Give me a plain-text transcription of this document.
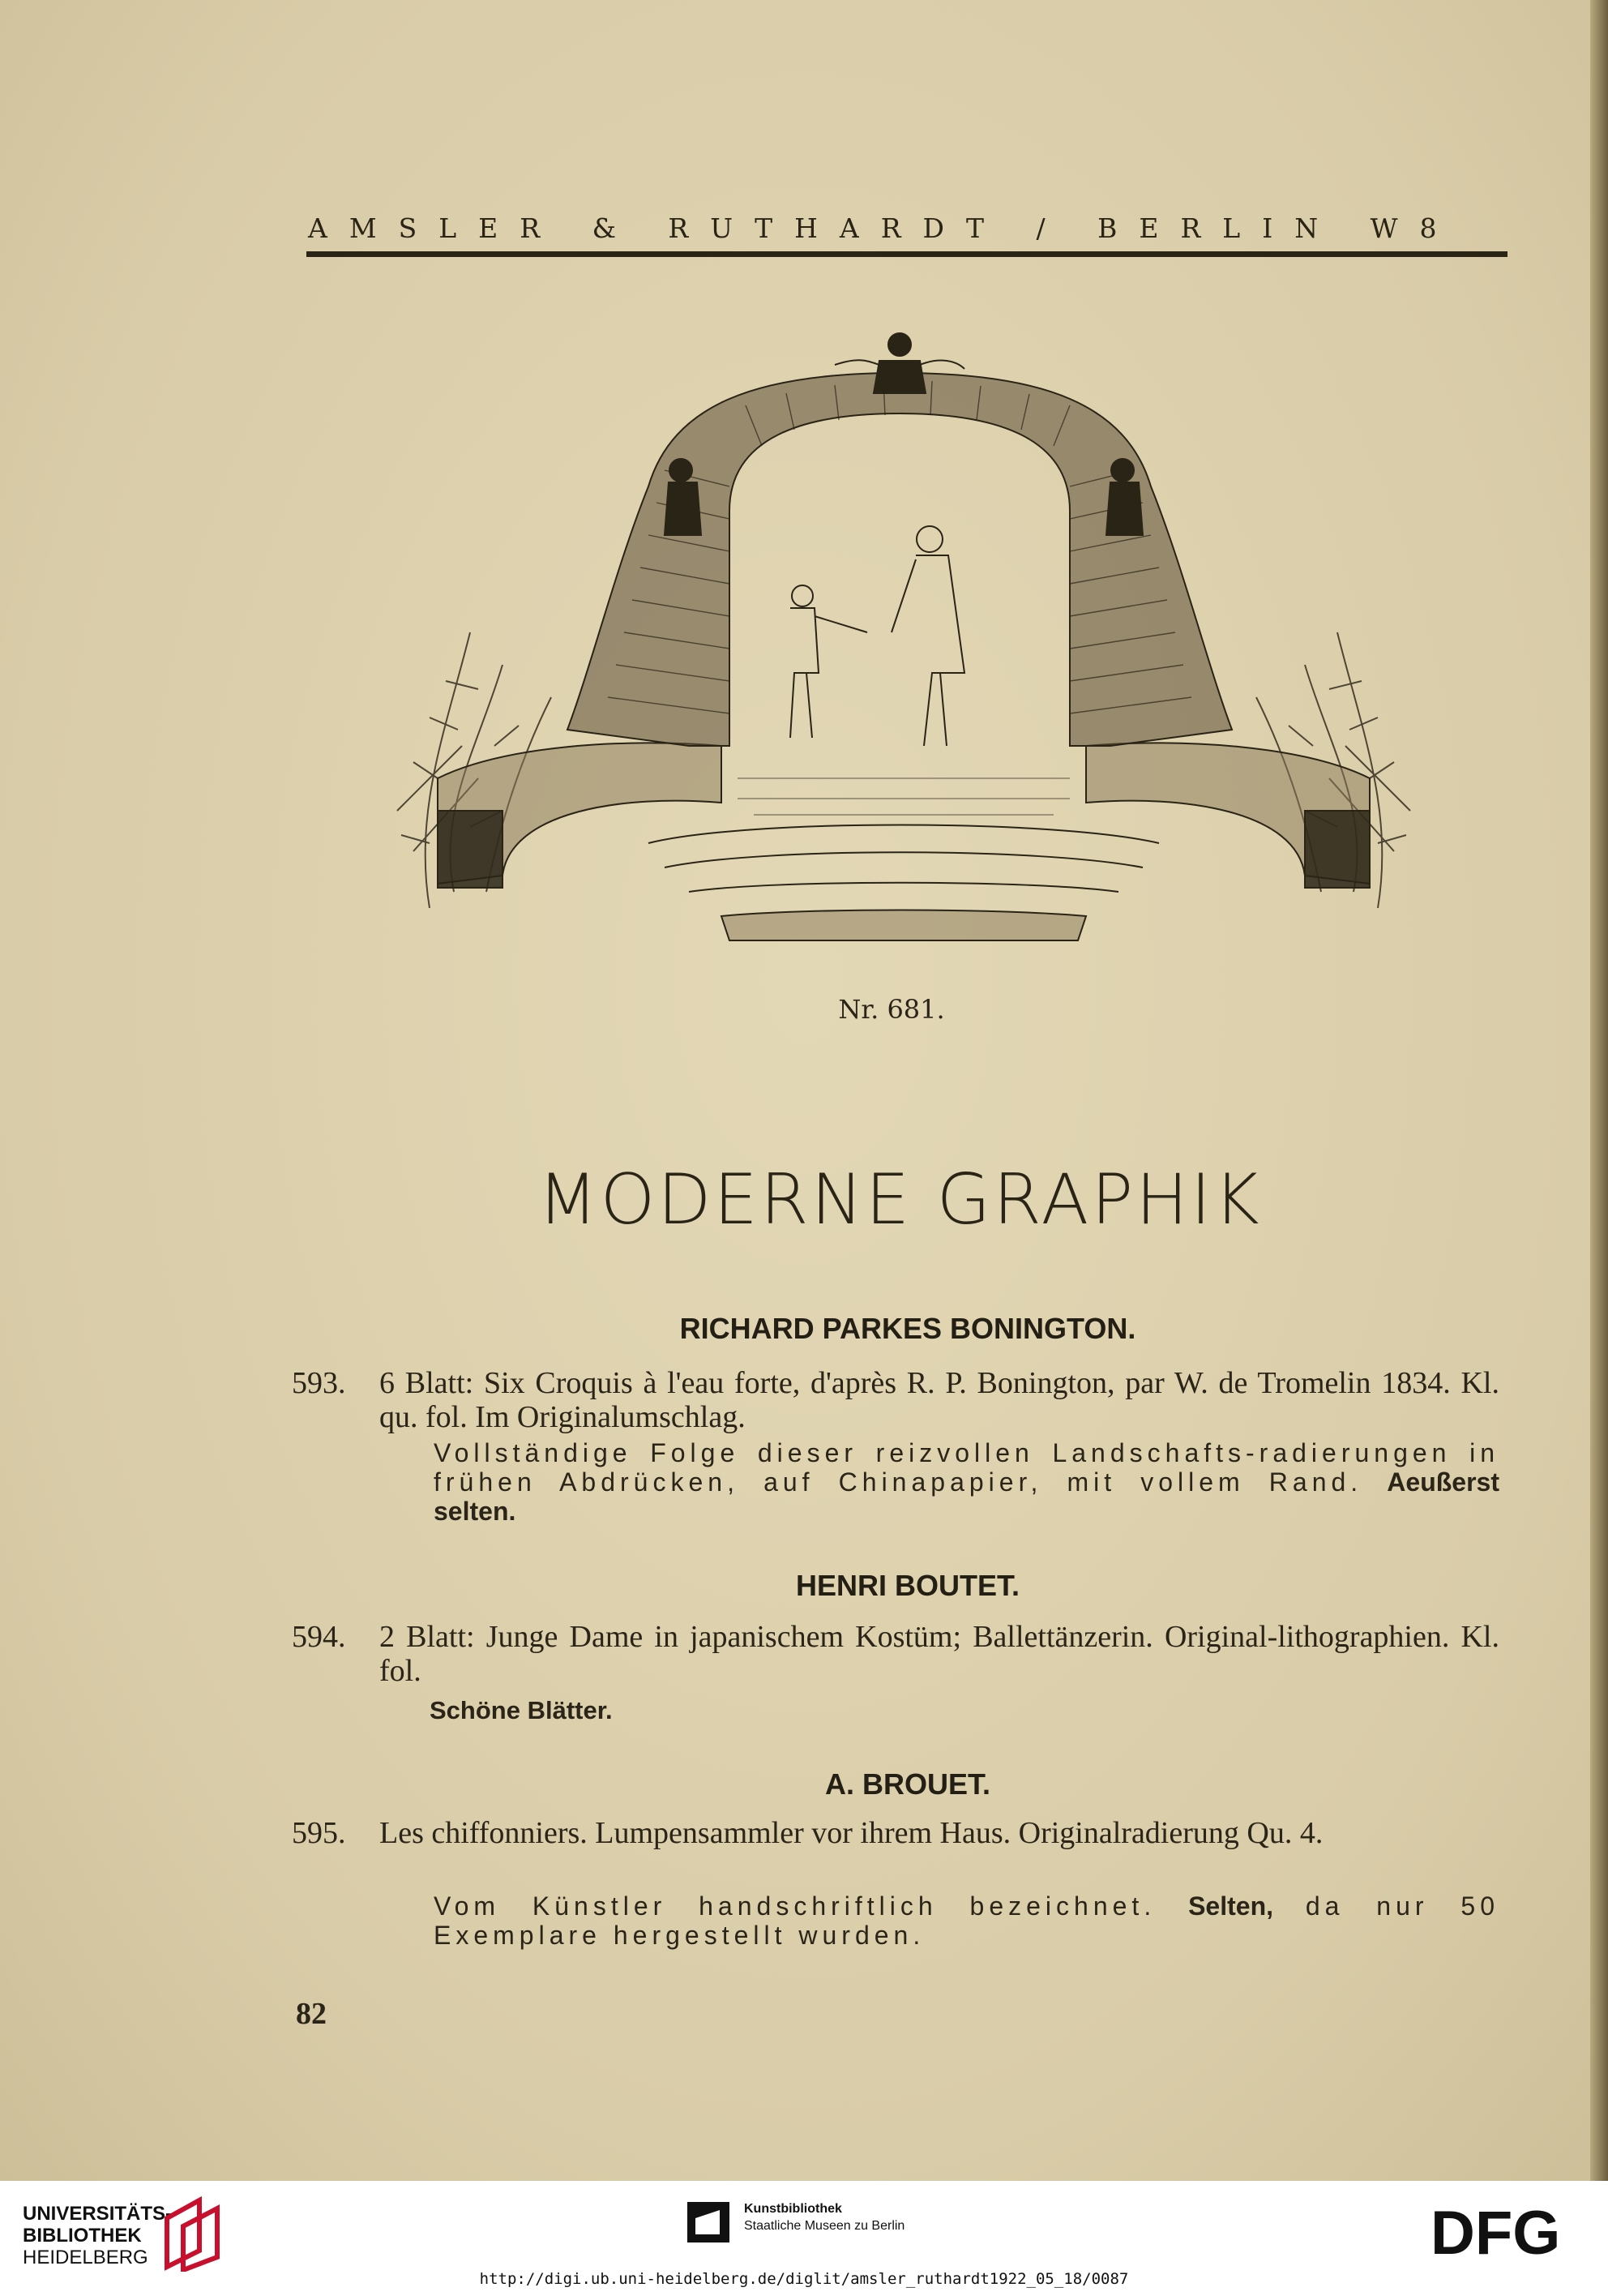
AMSLER & RUTHARDT / BERLIN W8
Nr. 681.
MODERNE GRAPHIK
RICHARD PARKES BONINGTON.
593. 6 Blatt: Six Croquis à l'eau forte, d'après R. P. Bonington, par W. de Tromelin 1834. Kl. qu. fol. Im Originalumschlag.
Vollständige Folge dieser reizvollen Landschafts-radierungen in frühen Abdrücken, auf Chinapapier, mit vollem Rand. Aeußerst selten.
HENRI BOUTET.
594. 2 Blatt: Junge Dame in japanischem Kostüm; Ballettänzerin. Original-lithographien. Kl. fol.
Schöne Blätter.
A. BROUET.
595. Les chiffonniers. Lumpensammler vor ihrem Haus. Originalradierung Qu. 4.
Vom Künstler handschriftlich bezeichnet. Selten, da nur 50 Exemplare hergestellt wurden.
82
UNIVERSITÄTS-
BIBLIOTHEK
HEIDELBERG
Kunstbibliothek
Staatliche Museen zu Berlin	DFG
http://digi.ub.uni-heidelberg.de/diglit/amsler_ruthardt1922_05_18/0087
